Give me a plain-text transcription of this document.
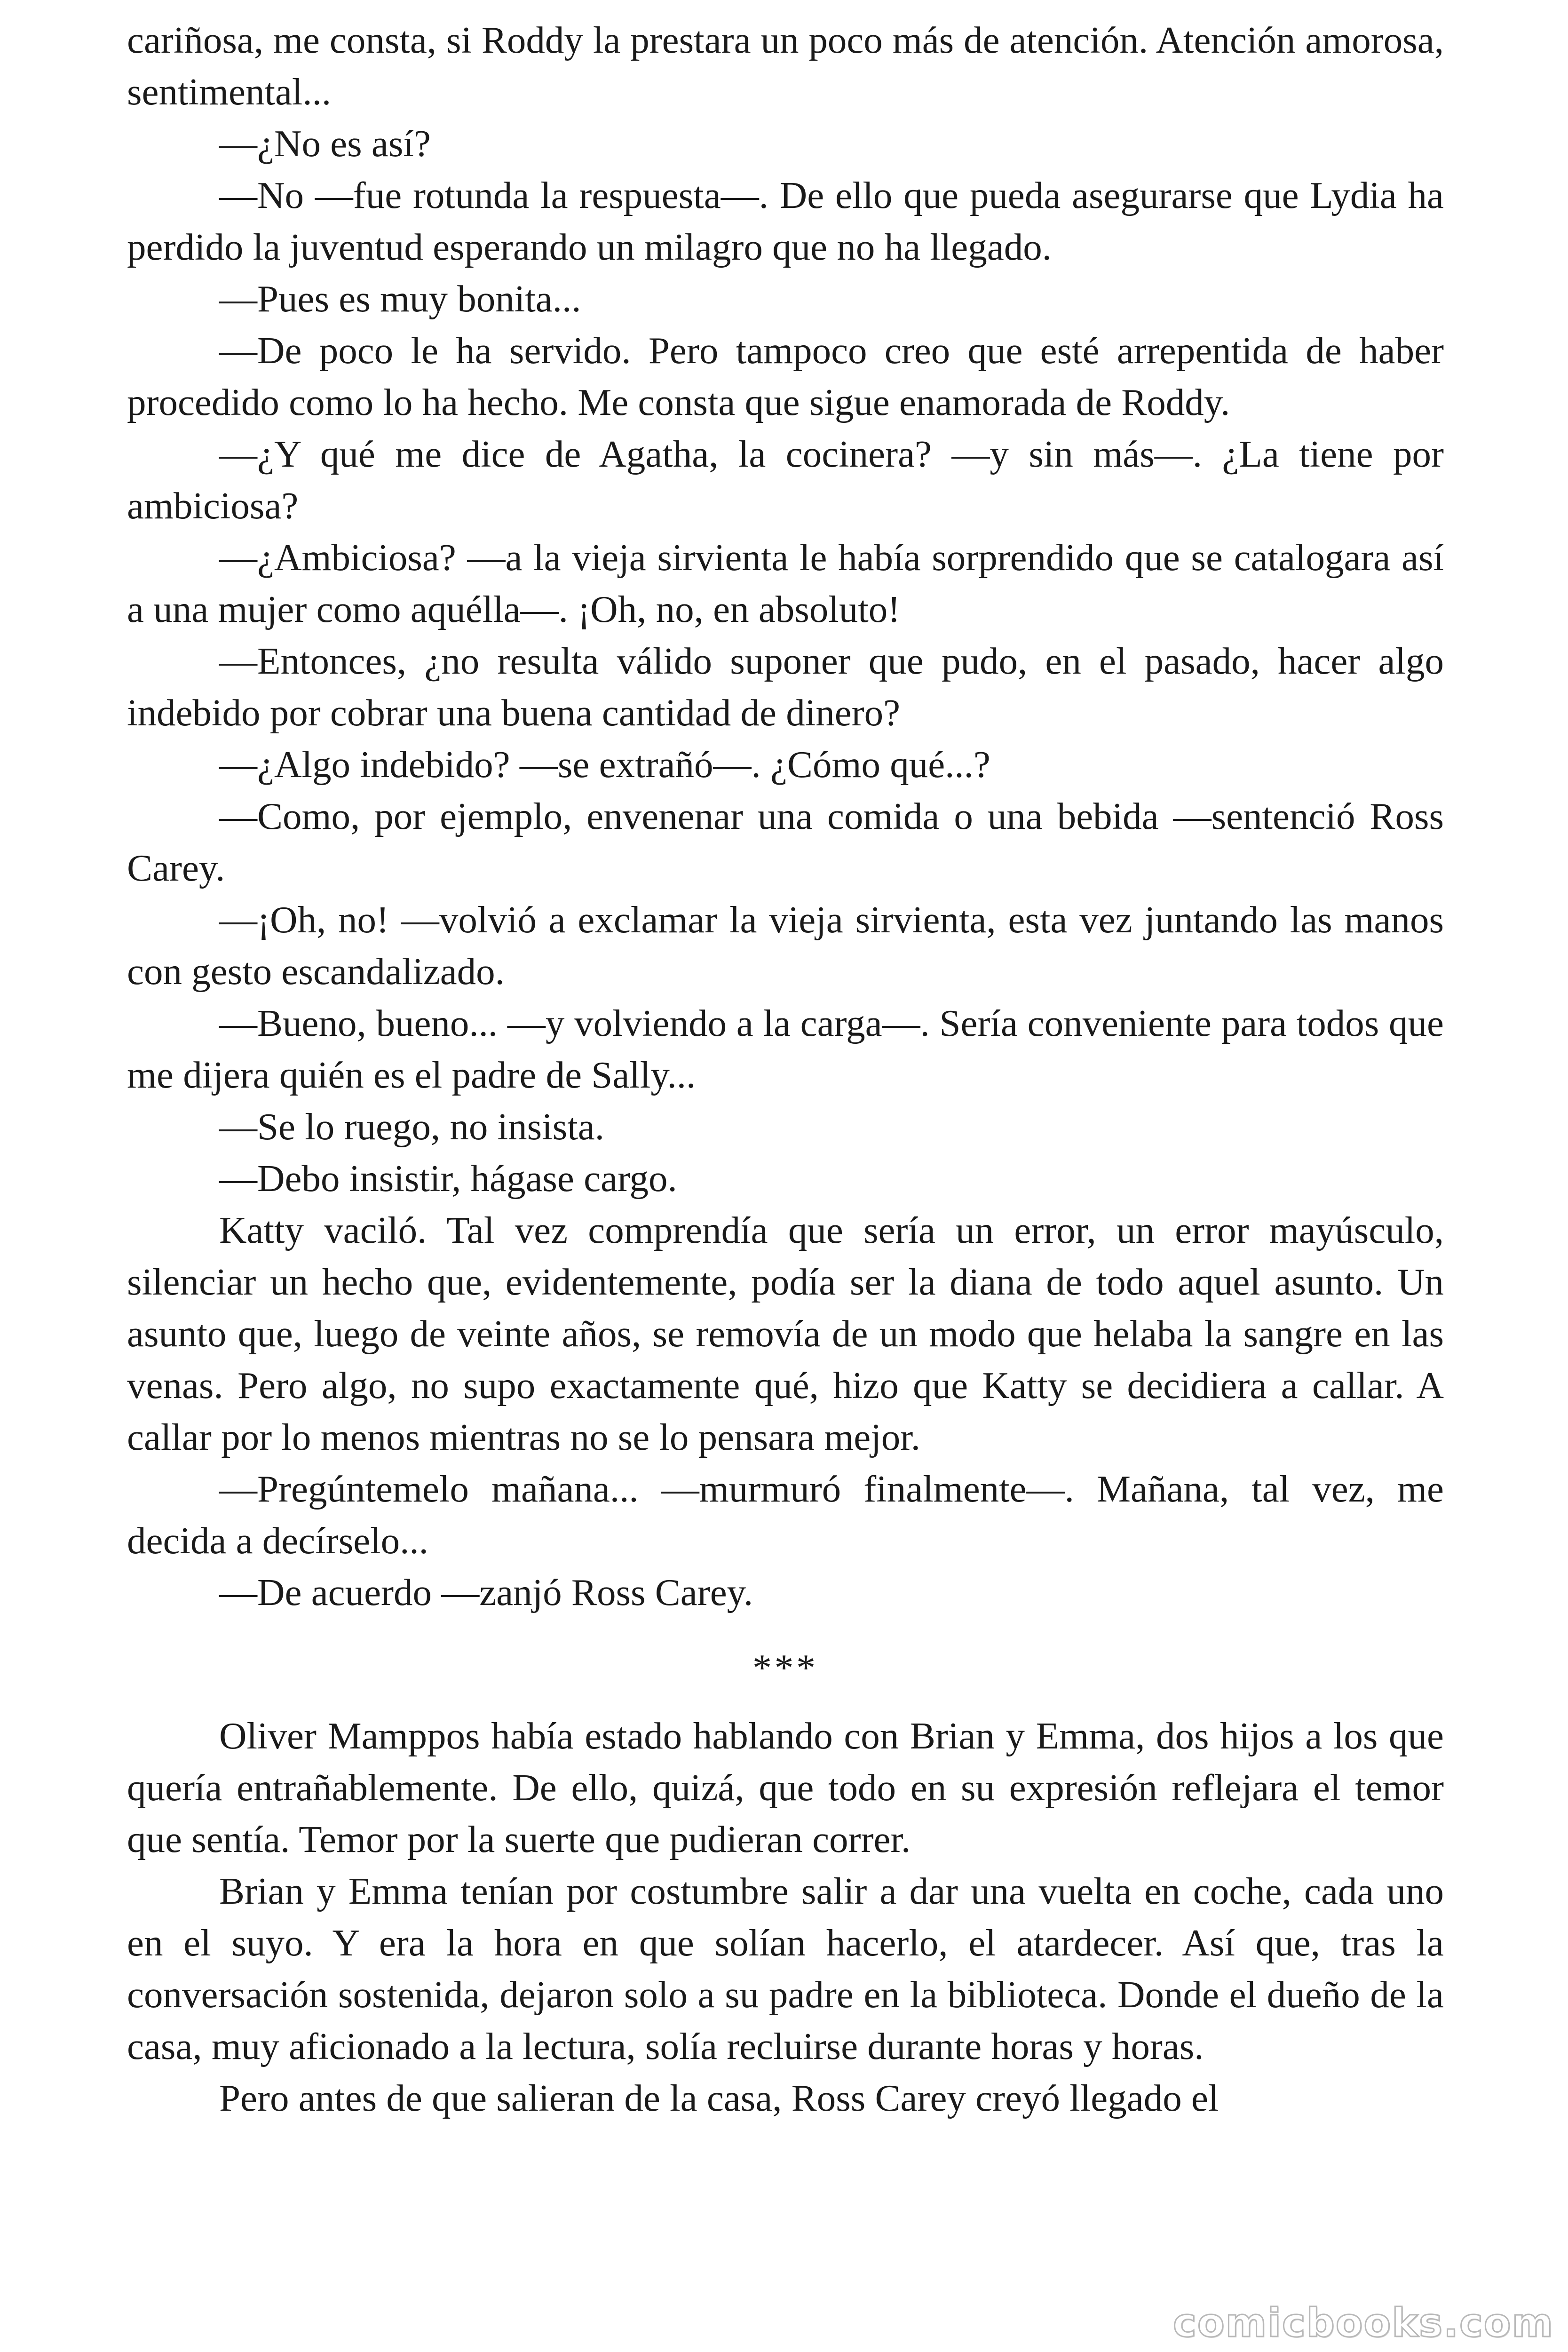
cariñosa, me consta, si Roddy la prestara un poco más de atención. Atención amorosa, sentimental...

—¿No es así?

—No —fue rotunda la respuesta—. De ello que pueda asegurarse que Lydia ha perdido la juventud esperando un milagro que no ha llegado.

—Pues es muy bonita...

—De poco le ha servido. Pero tampoco creo que esté arrepentida de haber procedido como lo ha hecho. Me consta que sigue enamorada de Roddy.

—¿Y qué me dice de Agatha, la cocinera? —y sin más—. ¿La tiene por ambiciosa?

—¿Ambiciosa? —a la vieja sirvienta le había sorprendido que se catalogara así a una mujer como aquélla—. ¡Oh, no, en absoluto!

—Entonces, ¿no resulta válido suponer que pudo, en el pasado, hacer algo indebido por cobrar una buena cantidad de dinero?

—¿Algo indebido? —se extrañó—. ¿Cómo qué...?

—Como, por ejemplo, envenenar una comida o una bebida —sentenció Ross Carey.

—¡Oh, no! —volvió a exclamar la vieja sirvienta, esta vez juntando las manos con gesto escandalizado.

—Bueno, bueno... —y volviendo a la carga—. Sería conveniente para todos que me dijera quién es el padre de Sally...

—Se lo ruego, no insista.

—Debo insistir, hágase cargo.

Katty vaciló. Tal vez comprendía que sería un error, un error mayúsculo, silenciar un hecho que, evidentemente, podía ser la diana de todo aquel asunto. Un asunto que, luego de veinte años, se removía de un modo que helaba la sangre en las venas. Pero algo, no supo exactamente qué, hizo que Katty se decidiera a callar. A callar por lo menos mientras no se lo pensara mejor.

—Pregúntemelo mañana... —murmuró finalmente—. Mañana, tal vez, me decida a decírselo...

—De acuerdo —zanjó Ross Carey.

***

Oliver Mamppos había estado hablando con Brian y Emma, dos hijos a los que quería entrañablemente. De ello, quizá, que todo en su expresión reflejara el temor que sentía. Temor por la suerte que pudieran correr.

Brian y Emma tenían por costumbre salir a dar una vuelta en coche, cada uno en el suyo. Y era la hora en que solían hacerlo, el atardecer. Así que, tras la conversación sostenida, dejaron solo a su padre en la biblioteca. Donde el dueño de la casa, muy aficionado a la lectura, solía recluirse durante horas y horas.

Pero antes de que salieran de la casa, Ross Carey creyó llegado el

comicbooks.com
